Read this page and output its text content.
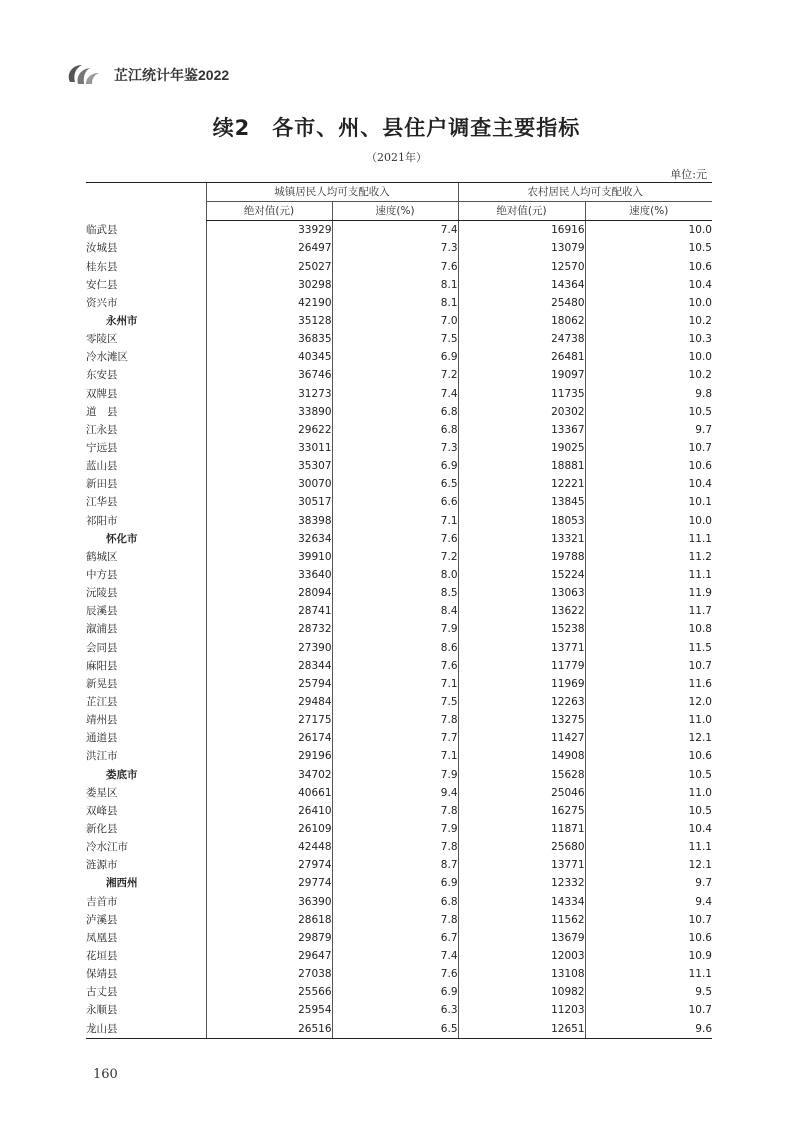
芷江统计年鉴2022
续2　各市、州、县住户调查主要指标
（2021年）
单位:元
	城镇居民人均可支配收入		农村居民人均可支配收入	
	绝对值(元)	速度(%)	绝对值(元)	速度(%)
临武县	33929	7.4	16916	10.0
汝城县	26497	7.3	13079	10.5
桂东县	25027	7.6	12570	10.6
安仁县	30298	8.1	14364	10.4
资兴市	42190	8.1	25480	10.0
永州市	35128	7.0	18062	10.2
零陵区	36835	7.5	24738	10.3
冷水滩区	40345	6.9	26481	10.0
东安县	36746	7.2	19097	10.2
双牌县	31273	7.4	11735	9.8
道　县	33890	6.8	20302	10.5
江永县	29622	6.8	13367	9.7
宁远县	33011	7.3	19025	10.7
蓝山县	35307	6.9	18881	10.6
新田县	30070	6.5	12221	10.4
江华县	30517	6.6	13845	10.1
祁阳市	38398	7.1	18053	10.0
怀化市	32634	7.6	13321	11.1
鹤城区	39910	7.2	19788	11.2
中方县	33640	8.0	15224	11.1
沅陵县	28094	8.5	13063	11.9
辰溪县	28741	8.4	13622	11.7
溆浦县	28732	7.9	15238	10.8
会同县	27390	8.6	13771	11.5
麻阳县	28344	7.6	11779	10.7
新晃县	25794	7.1	11969	11.6
芷江县	29484	7.5	12263	12.0
靖州县	27175	7.8	13275	11.0
通道县	26174	7.7	11427	12.1
洪江市	29196	7.1	14908	10.6
娄底市	34702	7.9	15628	10.5
娄星区	40661	9.4	25046	11.0
双峰县	26410	7.8	16275	10.5
新化县	26109	7.9	11871	10.4
冷水江市	42448	7.8	25680	11.1
涟源市	27974	8.7	13771	12.1
湘西州	29774	6.9	12332	9.7
吉首市	36390	6.8	14334	9.4
泸溪县	28618	7.8	11562	10.7
凤凰县	29879	6.7	13679	10.6
花垣县	29647	7.4	12003	10.9
保靖县	27038	7.6	13108	11.1
古丈县	25566	6.9	10982	9.5
永顺县	25954	6.3	11203	10.7
龙山县	26516	6.5	12651	9.6
160
